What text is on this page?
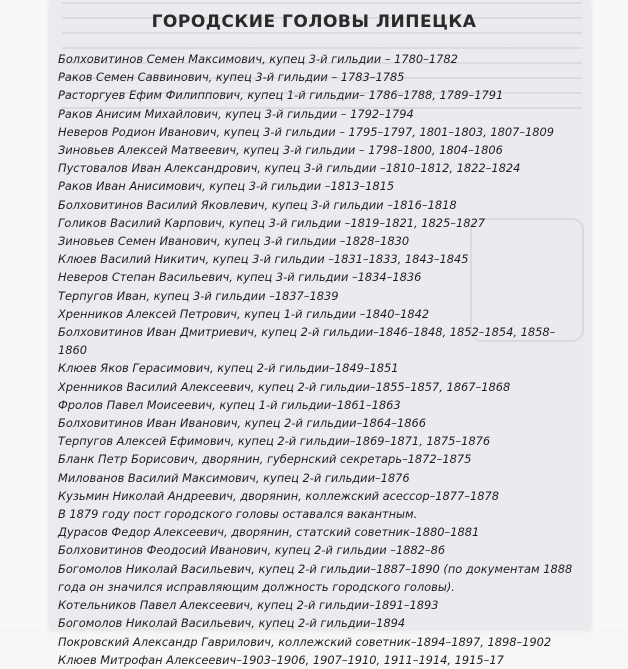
ГОРОДСКИЕ ГОЛОВЫ ЛИПЕЦКА
Болховитинов Семен Максимович, купец 3-й гильдии – 1780–1782
Раков Семен Саввинович, купец 3-й гильдии – 1783–1785
Расторгуев Ефим Филиппович, купец 1-й гильдии– 1786–1788, 1789–1791
Раков Анисим Михайлович, купец 3-й гильдии – 1792–1794
Неверов Родион Иванович, купец 3-й гильдии – 1795–1797, 1801–1803, 1807–1809
Зиновьев Алексей Матвеевич, купец 3-й гильдии – 1798–1800, 1804–1806
Пустовалов Иван Александрович, купец 3-й гильдии –1810–1812, 1822–1824
Раков Иван Анисимович, купец 3-й гильдии –1813–1815
Болховитинов Василий Яковлевич, купец 3-й гильдии –1816–1818
Голиков Василий Карпович, купец 3-й гильдии –1819–1821, 1825–1827
Зиновьев Семен Иванович, купец 3-й гильдии –1828–1830
Клюев Василий Никитич, купец 3-й гильдии –1831–1833, 1843–1845
Неверов Степан Васильевич, купец 3-й гильдии –1834–1836
Терпугов Иван, купец 3-й гильдии –1837–1839
Хренников Алексей Петрович, купец 1-й гильдии –1840–1842
Болховитинов Иван Дмитриевич, купец 2-й гильдии–1846–1848, 1852–1854, 1858–1860
Клюев Яков Герасимович, купец 2-й гильдии–1849–1851
Хренников Василий Алексеевич, купец 2-й гильдии–1855–1857, 1867–1868
Фролов Павел Моисеевич, купец 1-й гильдии–1861–1863
Болховитинов Иван Иванович, купец 2-й гильдии–1864–1866
Терпугов Алексей Ефимович, купец 2-й гильдии–1869–1871, 1875–1876
Бланк Петр Борисович, дворянин, губернский секретарь–1872–1875
Милованов Василий Максимович, купец 2-й гильдии–1876
Кузьмин Николай Андреевич, дворянин, коллежский асессор–1877–1878
В 1879 году пост городского головы оставался вакантным.
Дурасов Федор Алексеевич, дворянин, статский советник–1880–1881
Болховитинов Феодосий Иванович, купец 2-й гильдии –1882–86
Богомолов Николай Васильевич, купец 2-й гильдии–1887–1890 (по документам 1888 года он значился исправляющим должность городского головы).
Котельников Павел Алексеевич, купец 2-й гильдии–1891–1893
Богомолов Николай Васильевич, купец 2-й гильдии–1894
Покровский Александр Гаврилович, коллежский советник–1894–1897, 1898–1902
Клюев Митрофан Алексеевич–1903–1906, 1907–1910, 1911–1914, 1915–17
